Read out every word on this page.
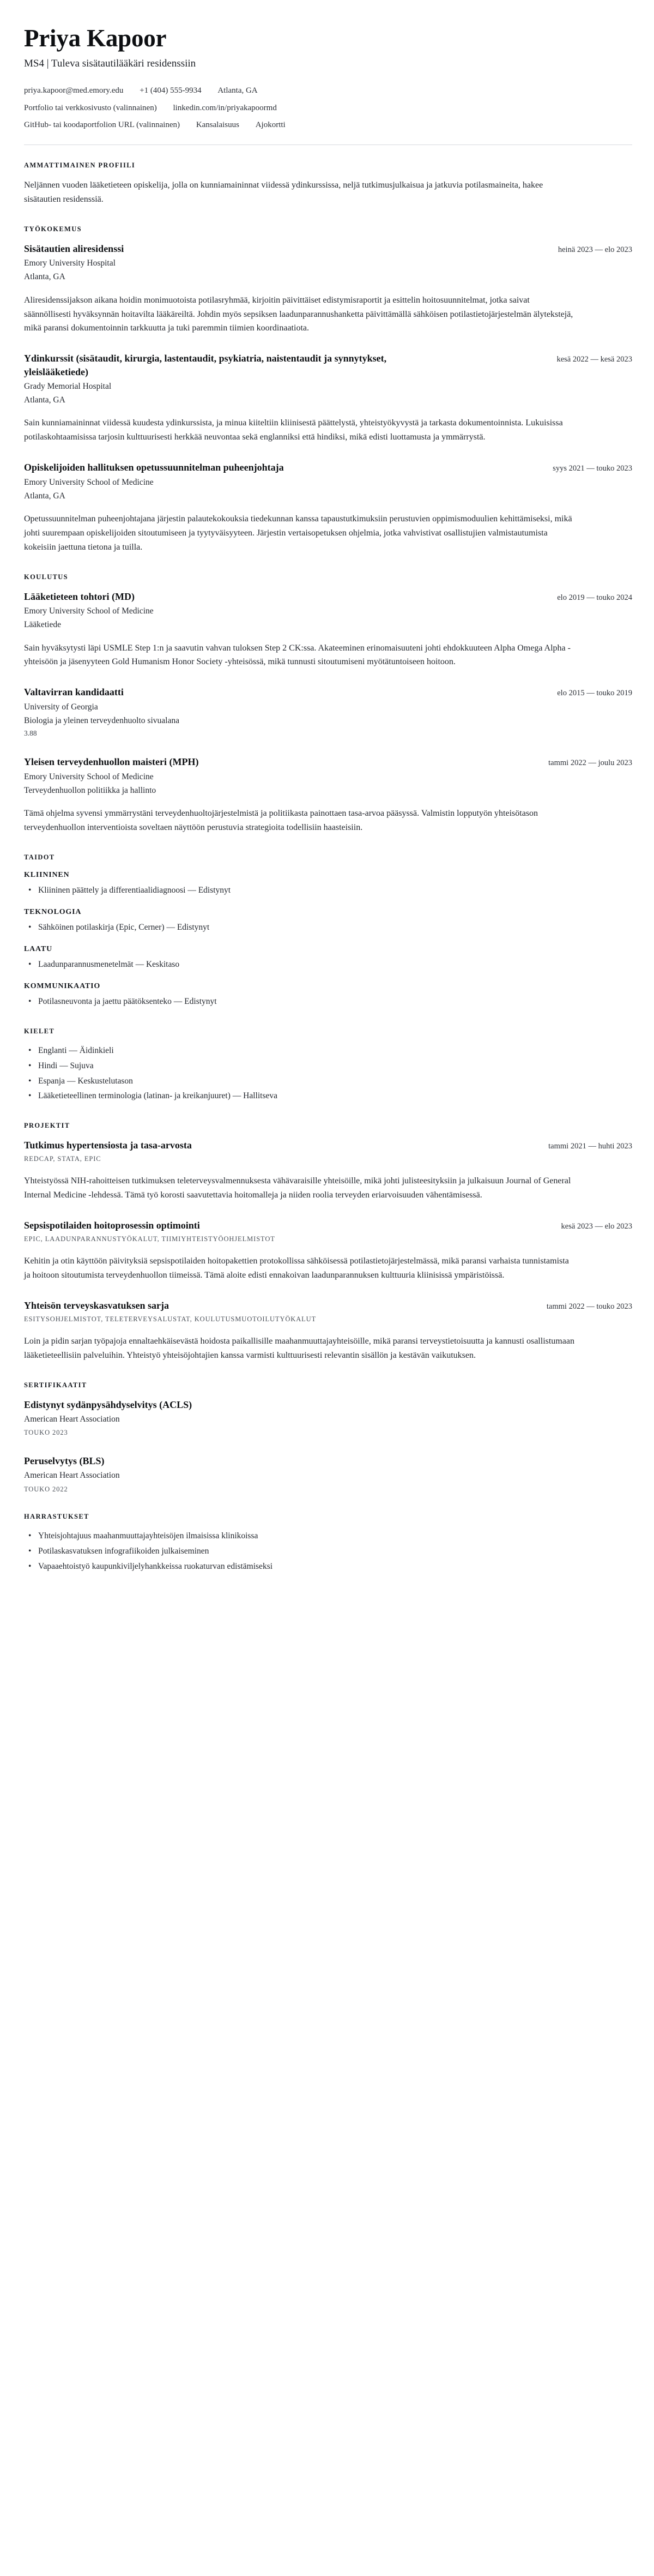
Priya Kapoor
MS4 | Tuleva sisätautilääkäri residenssiin
priya.kapoor@med.emory.edu +1 (404) 555-9934 Atlanta, GA
Portfolio tai verkkosivusto (valinnainen) linkedin.com/in/priyakapoormd
GitHub- tai koodaportfolion URL (valinnainen) Kansalaisuus Ajokortti
AMMATTIMAINEN PROFIILI

Neljännen vuoden lääketieteen opiskelija, jolla on kunniamaininnat viidessä ydinkurssissa, neljä tutkimusjulkaisua ja jatkuvia potilasmaineita, hakee sisätautien residenssiä.

TYÖKOKEMUS
Sisätautien aliresidenssi	heinä 2023 — elo 2023
Emory University Hospital
Atlanta, GA

Aliresidenssijakson aikana hoidin monimuotoista potilasryhmää, kirjoitin päivittäiset edistymisraportit ja esittelin hoitosuunnitelmat, jotka saivat säännöllisesti hyväksynnän hoitavilta lääkäreiltä. Johdin myös sepsiksen laadunparannushanketta päivittämällä sähköisen potilastietojärjestelmän älytekstejä, mikä paransi dokumentoinnin tarkkuutta ja tuki paremmin tiimien koordinaatiota.

Ydinkurssit (sisätaudit, kirurgia, lastentaudit, psykiatria, naistentaudit ja synnytykset, yleislääketiede)
kesä 2022 — kesä 2023
Grady Memorial Hospital
Atlanta, GA

Sain kunniamaininnat viidessä kuudesta ydinkurssista, ja minua kiiteltiin kliinisestä päättelystä, yhteistyökyvystä ja tarkasta dokumentoinnista. Lukuisissa potilaskohtaamisissa tarjosin kulttuurisesti herkkää neuvontaa sekä englanniksi että hindiksi, mikä edisti luottamusta ja ymmärrystä.

Opiskelijoiden hallituksen opetussuunnitelman puheenjohtaja	syys 2021 — touko 2023
Emory University School of Medicine
Atlanta, GA

Opetussuunnitelman puheenjohtajana järjestin palautekokouksia tiedekunnan kanssa tapaustutkimuksiin perustuvien oppimismoduulien kehittämiseksi, mikä johti suurempaan opiskelijoiden sitoutumiseen ja tyytyväisyyteen. Järjestin vertaisopetuksen ohjelmia, jotka vahvistivat osallistujien valmistautumista kokeisiin jaettuna tietona ja tuilla.

KOULUTUS
Lääketieteen tohtori (MD)	elo 2019 — touko 2024
Emory University School of Medicine
Lääketiede

Sain hyväksytysti läpi USMLE Step 1:n ja saavutin vahvan tuloksen Step 2 CK:ssa. Akateeminen erinomaisuuteni johti ehdokkuuteen Alpha Omega Alpha -yhteisöön ja jäsenyyteen Gold Humanism Honor Society -yhteisössä, mikä tunnusti sitoutumiseni myötätuntoiseen hoitoon.

Valtavirran kandidaatti	elo 2015 — touko 2019
University of Georgia
Biologia ja yleinen terveydenhuolto sivualana
3.88
Yleisen terveydenhuollon maisteri (MPH)	tammi 2022 — joulu 2023
Emory University School of Medicine
Terveydenhuollon politiikka ja hallinto

Tämä ohjelma syvensi ymmärrystäni terveydenhuoltojärjestelmistä ja politiikasta painottaen tasa-arvoa pääsyssä. Valmistin lopputyön yhteisötason terveydenhuollon interventioista soveltaen näyttöön perustuvia strategioita todellisiin haasteisiin.

TAIDOT
KLIININEN
• Kliininen päättely ja differentiaalidiagnoosi — Edistynyt
TEKNOLOGIA
• Sähköinen potilaskirja (Epic, Cerner) — Edistynyt
LAATU
• Laadunparannusmenetelmät — Keskitaso
KOMMUNIKAATIO
• Potilasneuvonta ja jaettu päätöksenteko — Edistynyt
KIELET
• Englanti — Äidinkieli
• Hindi — Sujuva
• Espanja — Keskustelutason
• Lääketieteellinen terminologia (latinan- ja kreikanjuuret) — Hallitseva
PROJEKTIT
Tutkimus hypertensiosta ja tasa-arvosta	tammi 2021 — huhti 2023
REDCAP, STATA, EPIC

Yhteistyössä NIH-rahoitteisen tutkimuksen teleterveysvalmennuksesta vähävaraisille yhteisöille, mikä johti julisteesityksiin ja julkaisuun Journal of General Internal Medicine -lehdessä. Tämä työ korosti saavutettavia hoitomalleja ja niiden roolia terveyden eriarvoisuuden vähentämisessä.

Sepsispotilaiden hoitoprosessin optimointi	kesä 2023 — elo 2023
EPIC, LAADUNPARANNUSTYÖKALUT, TIIMIYHTEISTYÖOHJELMISTOT

Kehitin ja otin käyttöön päivityksiä sepsispotilaiden hoitopakettien protokollissa sähköisessä potilastietojärjestelmässä, mikä paransi varhaista tunnistamista ja hoitoon sitoutumista terveydenhuollon tiimeissä. Tämä aloite edisti ennakoivan laadunparannuksen kulttuuria kliinisissä ympäristöissä.

Yhteisön terveyskasvatuksen sarja	tammi 2022 — touko 2023
ESITYSOHJELMISTOT, TELETERVEYSALUSTAT, KOULUTUSMUOTOILUTYÖKALUT

Loin ja pidin sarjan työpajoja ennaltaehkäisevästä hoidosta paikallisille maahanmuuttajayhteisöille, mikä paransi terveystietoisuutta ja kannusti osallistumaan lääketieteellisiin palveluihin. Yhteistyö yhteisöjohtajien kanssa varmisti kulttuurisesti relevantin sisällön ja kestävän vaikutuksen.

SERTIFIKAATIT
Edistynyt sydänpysähdyselvitys (ACLS)
American Heart Association
TOUKO 2023
Peruselvytys (BLS)
American Heart Association
TOUKO 2022
HARRASTUKSET
• Yhteisjohtajuus maahanmuuttajayhteisöjen ilmaisissa klinikoissa
• Potilaskasvatuksen infografiikoiden julkaiseminen
• Vapaaehtoistyö kaupunkiviljelyhankkeissa ruokaturvan edistämiseksi
